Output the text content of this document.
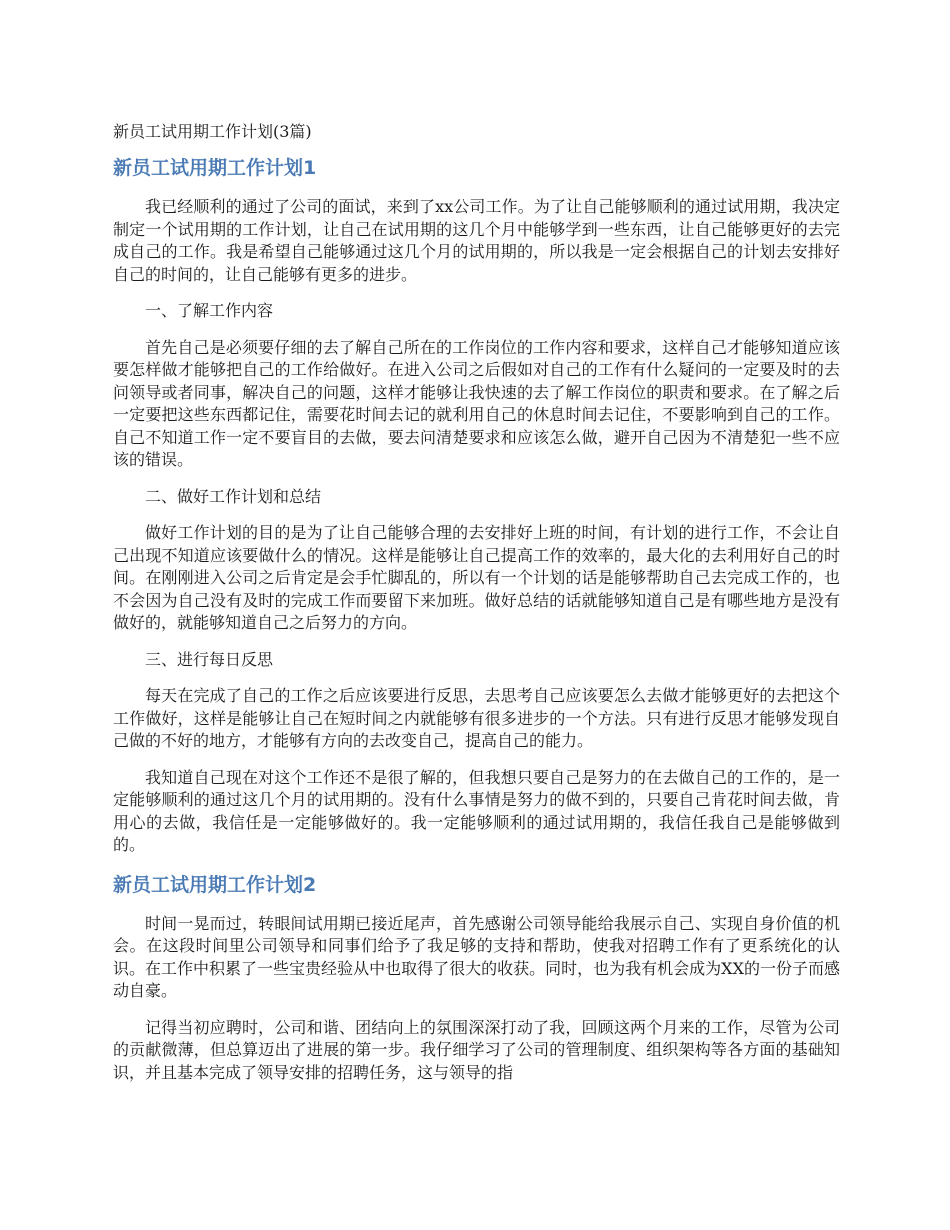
新员工试用期工作计划(3篇)
新员工试用期工作计划1

我已经顺利的通过了公司的面试，来到了xx公司工作。为了让自己能够顺利的通过试用期，我决定制定一个试用期的工作计划，让自己在试用期的这几个月中能够学到一些东西，让自己能够更好的去完成自己的工作。我是希望自己能够通过这几个月的试用期的，所以我是一定会根据自己的计划去安排好自己的时间的，让自己能够有更多的进步。

一、了解工作内容

首先自己是必须要仔细的去了解自己所在的工作岗位的工作内容和要求，这样自己才能够知道应该要怎样做才能够把自己的工作给做好。在进入公司之后假如对自己的工作有什么疑问的一定要及时的去问领导或者同事，解决自己的问题，这样才能够让我快速的去了解工作岗位的职责和要求。在了解之后一定要把这些东西都记住，需要花时间去记的就利用自己的休息时间去记住，不要影响到自己的工作。自己不知道工作一定不要盲目的去做，要去问清楚要求和应该怎么做，避开自己因为不清楚犯一些不应该的错误。

二、做好工作计划和总结

做好工作计划的目的是为了让自己能够合理的去安排好上班的时间，有计划的进行工作，不会让自己出现不知道应该要做什么的情况。这样是能够让自己提高工作的效率的，最大化的去利用好自己的时间。在刚刚进入公司之后肯定是会手忙脚乱的，所以有一个计划的话是能够帮助自己去完成工作的，也不会因为自己没有及时的完成工作而要留下来加班。做好总结的话就能够知道自己是有哪些地方是没有做好的，就能够知道自己之后努力的方向。

三、进行每日反思

每天在完成了自己的工作之后应该要进行反思，去思考自己应该要怎么去做才能够更好的去把这个工作做好，这样是能够让自己在短时间之内就能够有很多进步的一个方法。只有进行反思才能够发现自己做的不好的地方，才能够有方向的去改变自己，提高自己的能力。

我知道自己现在对这个工作还不是很了解的，但我想只要自己是努力的在去做自己的工作的，是一定能够顺利的通过这几个月的试用期的。没有什么事情是努力的做不到的，只要自己肯花时间去做，肯用心的去做，我信任是一定能够做好的。我一定能够顺利的通过试用期的，我信任我自己是能够做到的。

新员工试用期工作计划2

时间一晃而过，转眼间试用期已接近尾声，首先感谢公司领导能给我展示自己、实现自身价值的机会。在这段时间里公司领导和同事们给予了我足够的支持和帮助，使我对招聘工作有了更系统化的认识。在工作中积累了一些宝贵经验从中也取得了很大的收获。同时，也为我有机会成为XX的一份子而感动自豪。

记得当初应聘时，公司和谐、团结向上的氛围深深打动了我，回顾这两个月来的工作，尽管为公司的贡献微薄，但总算迈出了进展的第一步。我仔细学习了公司的管理制度、组织架构等各方面的基础知识，并且基本完成了领导安排的招聘任务，这与领导的指
